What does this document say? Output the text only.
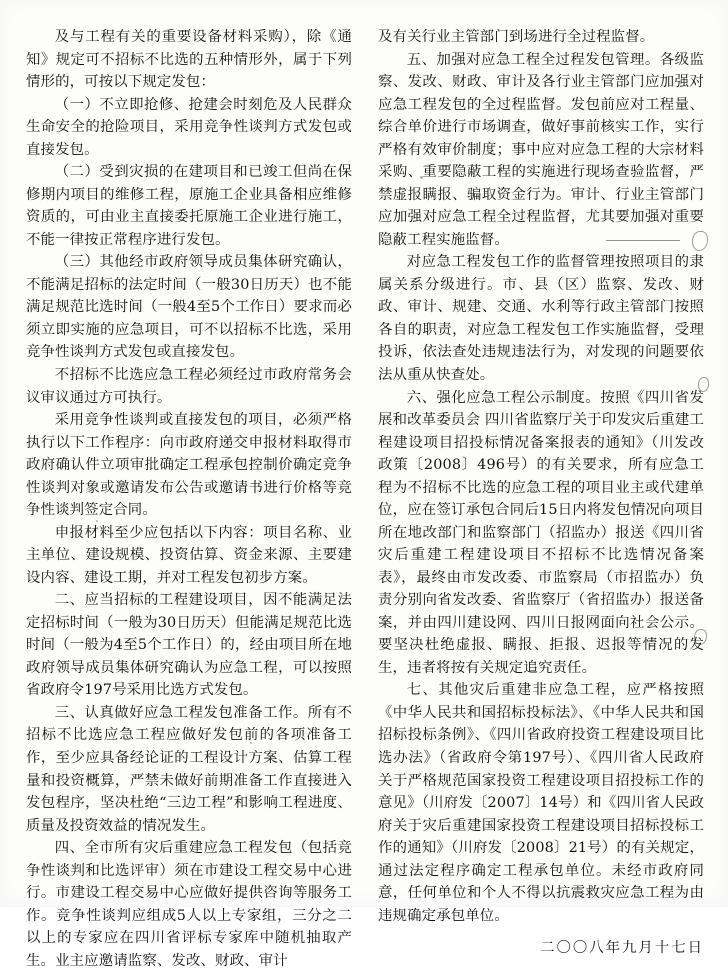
及与工程有关的重要设备材料采购），除《通知》规定可不招标不比选的五种情形外，属于下列情形的，可按以下规定发包：

（一）不立即抢修、抢建会时刻危及人民群众生命安全的抢险项目，采用竞争性谈判方式发包或直接发包。

（二）受到灾损的在建项目和已竣工但尚在保修期内项目的维修工程，原施工企业具备相应维修资质的，可由业主直接委托原施工企业进行施工，不能一律按正常程序进行发包。

（三）其他经市政府领导成员集体研究确认，不能满足招标的法定时间（一般30日历天）也不能满足规范比选时间（一般4至5个工作日）要求而必须立即实施的应急项目，可不以招标不比选，采用竞争性谈判方式发包或直接发包。

不招标不比选应急工程必须经过市政府常务会议审议通过方可执行。

采用竞争性谈判或直接发包的项目，必须严格执行以下工作程序：向市政府递交申报材料取得市政府确认件立项审批确定工程承包控制价确定竞争性谈判对象或邀请发布公告或邀请书进行价格等竞争性谈判签定合同。

申报材料至少应包括以下内容：项目名称、业主单位、建设规模、投资估算、资金来源、主要建设内容、建设工期，并对工程发包初步方案。

二、应当招标的工程建设项目，因不能满足法定招标时间（一般为30日历天）但能满足规范比选时间（一般为4至5个工作日）的，经由项目所在地政府领导成员集体研究确认为应急工程，可以按照省政府令197号采用比选方式发包。

三、认真做好应急工程发包准备工作。所有不招标不比选应急工程应做好发包前的各项准备工作，至少应具备经论证的工程设计方案、估算工程量和投资概算，严禁未做好前期准备工作直接进入发包程序，坚决杜绝“三边工程”和影响工程进度、质量及投资效益的情况发生。

四、全市所有灾后重建应急工程发包（包括竞争性谈判和比选评审）须在市建设工程交易中心进行。市建设工程交易中心应做好提供咨询等服务工作。竞争性谈判应组成5人以上专家组，三分之二以上的专家应在四川省评标专家库中随机抽取产生。业主应邀请监察、发改、财政、审计

及有关行业主管部门到场进行全过程监督。

五、加强对应急工程全过程发包管理。各级监察、发改、财政、审计及各行业主管部门应加强对应急工程发包的全过程监督。发包前应对工程量、综合单价进行市场调查，做好事前核实工作，实行严格有效审价制度；事中应对应急工程的大宗材料采购、重要隐蔽工程的实施进行现场查验监督，严禁虚报瞒报、骗取资金行为。审计、行业主管部门应加强对应急工程全过程监督，尤其要加强对重要隐蔽工程实施监督。

对应急工程发包工作的监督管理按照项目的隶属关系分级进行。市、县（区）监察、发改、财政、审计、规建、交通、水利等行政主管部门按照各自的职责，对应急工程发包工作实施监督，受理投诉，依法查处违规违法行为，对发现的问题要依法从重从快查处。

六、强化应急工程公示制度。按照《四川省发展和改革委员会 四川省监察厅关于印发灾后重建工程建设项目招投标情况备案报表的通知》（川发改政策〔2008〕496号）的有关要求，所有应急工程为不招标不比选的应急工程的项目业主或代建单位，应在签订承包合同后15日内将发包情况向项目所在地改部门和监察部门（招监办）报送《四川省灾后重建工程建设项目不招标不比选情况备案表》，最终由市发改委、市监察局（市招监办）负责分别向省发改委、省监察厅（省招监办）报送备案，并由四川建设网、四川日报网面向社会公示。要坚决杜绝虚报、瞒报、拒报、迟报等情况的发生，违者将按有关规定追究责任。

七、其他灾后重建非应急工程，应严格按照《中华人民共和国招标投标法》、《中华人民共和国招标投标条例》、《四川省政府投资工程建设项目比选办法》（省政府令第197号）、《四川省人民政府关于严格规范国家投资工程建设项目招投标工作的意见》（川府发〔2007〕14号）和《四川省人民政府关于灾后重建国家投资工程建设项目招标投标工作的通知》（川府发〔2008〕21号）的有关规定，通过法定程序确定工程承包单位。未经市政府同意，任何单位和个人不得以抗震救灾应急工程为由违规确定承包单位。

二〇〇八年九月十七日
